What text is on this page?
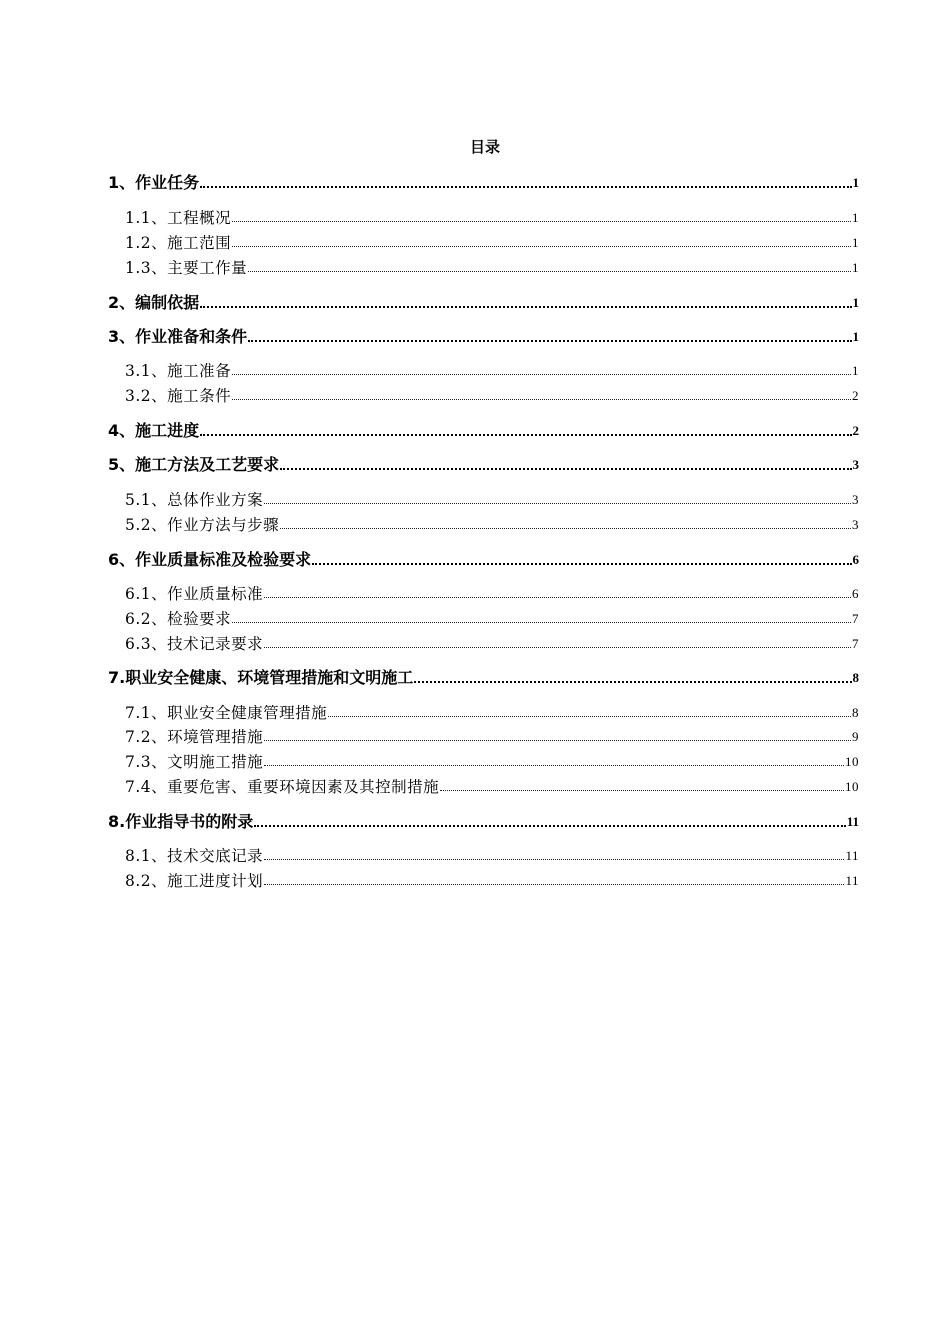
目录
1、作业任务	1
1.1、工程概况	1
1.2、施工范围	1
1.3、主要工作量	1
2、编制依据	1
3、作业准备和条件	1
3.1、施工准备	1
3.2、施工条件	2
4、施工进度	2
5、施工方法及工艺要求	3
5.1、总体作业方案	3
5.2、作业方法与步骤	3
6、作业质量标准及检验要求	6
6.1、作业质量标准	6
6.2、检验要求	7
6.3、技术记录要求	7
7.职业安全健康、环境管理措施和文明施工	8
7.1、职业安全健康管理措施	8
7.2、环境管理措施	9
7.3、文明施工措施	10
7.4、重要危害、重要环境因素及其控制措施	10
8.作业指导书的附录	11
8.1、技术交底记录	11
8.2、施工进度计划	11
